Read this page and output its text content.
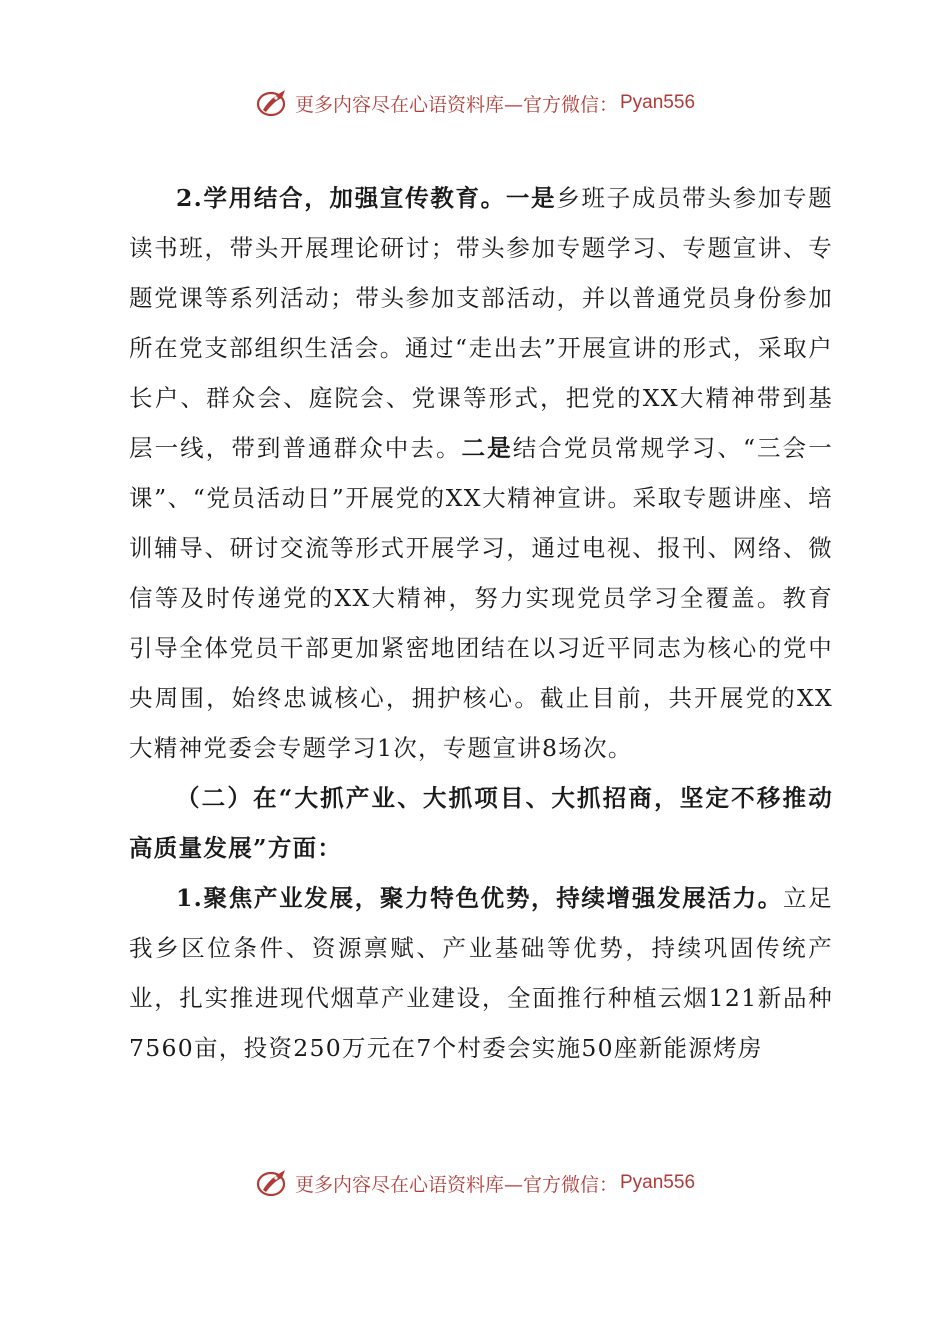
更多内容尽在心语资料库—官方微信： Pyan556

2.学用结合，加强宣传教育。一是乡班子成员带头参加专题读书班，带头开展理论研讨；带头参加专题学习、专题宣讲、专题党课等系列活动；带头参加支部活动，并以普通党员身份参加所在党支部组织生活会。通过“走出去”开展宣讲的形式，采取户长户、群众会、庭院会、党课等形式，把党的XX大精神带到基层一线，带到普通群众中去。二是结合党员常规学习、“三会一课”、“党员活动日”开展党的XX大精神宣讲。采取专题讲座、培训辅导、研讨交流等形式开展学习，通过电视、报刊、网络、微信等及时传递党的XX大精神，努力实现党员学习全覆盖。教育引导全体党员干部更加紧密地团结在以习近平同志为核心的党中央周围，始终忠诚核心，拥护核心。截止目前，共开展党的XX大精神党委会专题学习1次，专题宣讲8场次。

（二）在“大抓产业、大抓项目、大抓招商，坚定不移推动高质量发展”方面：

1.聚焦产业发展，聚力特色优势，持续增强发展活力。立足我乡区位条件、资源禀赋、产业基础等优势，持续巩固传统产业，扎实推进现代烟草产业建设，全面推行种植云烟121新品种7560亩，投资250万元在7个村委会实施50座新能源烤房

更多内容尽在心语资料库—官方微信： Pyan556
